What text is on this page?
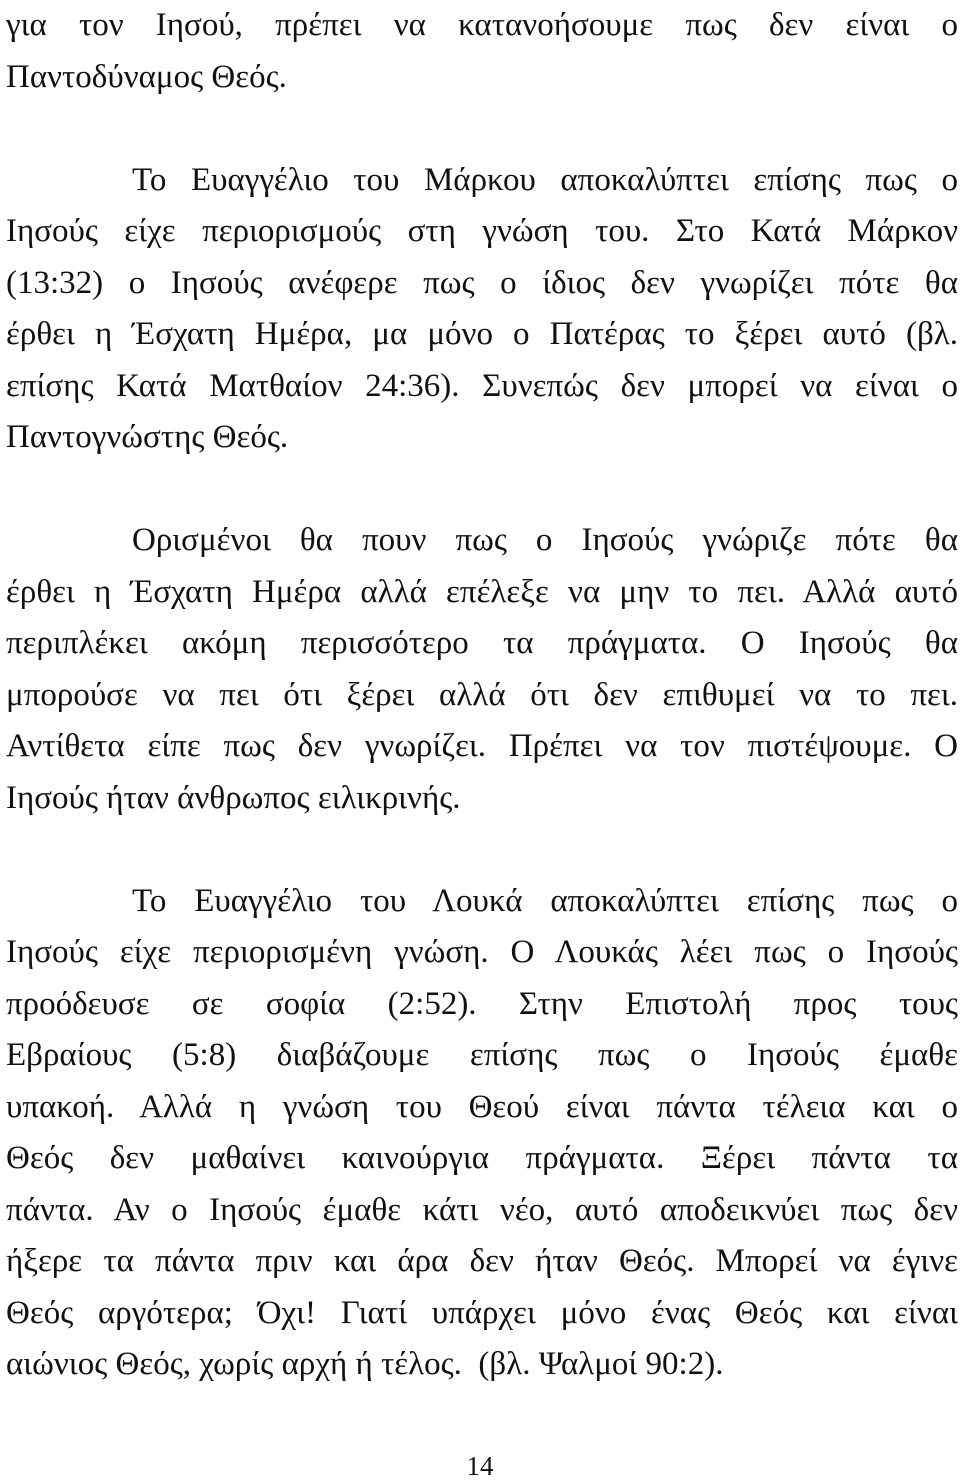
για τον Ιησού, πρέπει να κατανοήσουμε πως δεν είναι ο
Παντοδύναμος Θεός.
Το Ευαγγέλιο του Μάρκου αποκαλύπτει επίσης πως ο
Ιησούς είχε περιορισμούς στη γνώση του. Στο Κατά Μάρκον
(13:32) ο Ιησούς ανέφερε πως ο ίδιος δεν γνωρίζει πότε θα
έρθει η Έσχατη Ημέρα, μα μόνο ο Πατέρας το ξέρει αυτό (βλ.
επίσης Κατά Ματθαίον 24:36). Συνεπώς δεν μπορεί να είναι ο
Παντογνώστης Θεός.
Ορισμένοι θα πουν πως ο Ιησούς γνώριζε πότε θα
έρθει η Έσχατη Ημέρα αλλά επέλεξε να μην το πει. Αλλά αυτό
περιπλέκει ακόμη περισσότερο τα πράγματα. Ο Ιησούς θα
μπορούσε να πει ότι ξέρει αλλά ότι δεν επιθυμεί να το πει.
Αντίθετα είπε πως δεν γνωρίζει. Πρέπει να τον πιστέψουμε. Ο
Ιησούς ήταν άνθρωπος ειλικρινής.
Το Ευαγγέλιο του Λουκά αποκαλύπτει επίσης πως ο
Ιησούς είχε περιορισμένη γνώση. Ο Λουκάς λέει πως ο Ιησούς
προόδευσε σε σοφία (2:52). Στην Επιστολή προς τους
Εβραίους (5:8) διαβάζουμε επίσης πως ο Ιησούς έμαθε
υπακοή. Αλλά η γνώση του Θεού είναι πάντα τέλεια και ο
Θεός δεν μαθαίνει καινούργια πράγματα. Ξέρει πάντα τα
πάντα. Αν ο Ιησούς έμαθε κάτι νέο, αυτό αποδεικνύει πως δεν
ήξερε τα πάντα πριν και άρα δεν ήταν Θεός. Μπορεί να έγινε
Θεός αργότερα; Όχι! Γιατί υπάρχει μόνο ένας Θεός και είναι
αιώνιος Θεός, χωρίς αρχή ή τέλος.  (βλ. Ψαλμοί 90:2).
14
